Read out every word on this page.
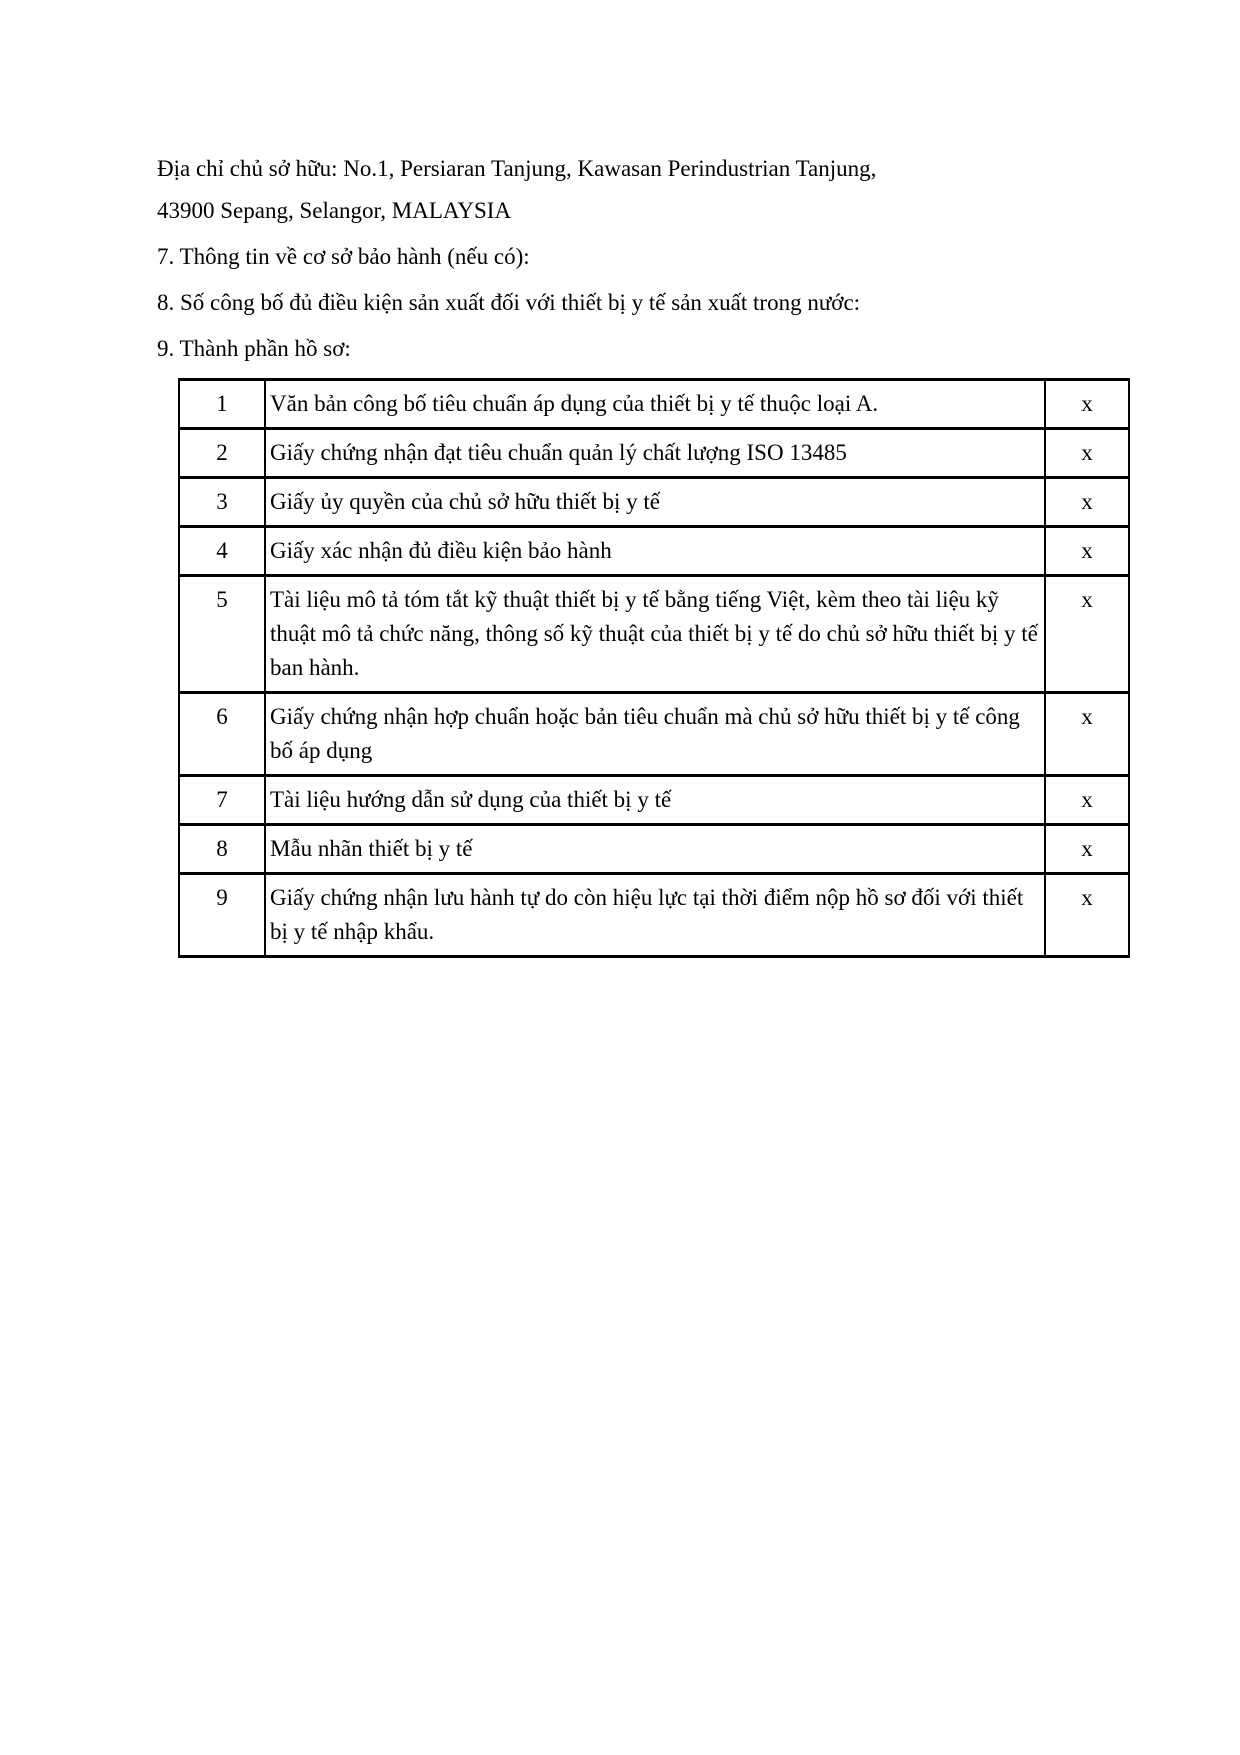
Địa chỉ chủ sở hữu: No.1, Persiaran Tanjung, Kawasan Perindustrian Tanjung,
43900 Sepang, Selangor, MALAYSIA
7. Thông tin về cơ sở bảo hành (nếu có):
8. Số công bố đủ điều kiện sản xuất đối với thiết bị y tế sản xuất trong nước:
9. Thành phần hồ sơ:
1	Văn bản công bố tiêu chuẩn áp dụng của thiết bị y tế thuộc loại A.	x
2	Giấy chứng nhận đạt tiêu chuẩn quản lý chất lượng ISO 13485	x
3	Giấy ủy quyền của chủ sở hữu thiết bị y tế	x
4	Giấy xác nhận đủ điều kiện bảo hành	x
5	Tài liệu mô tả tóm tắt kỹ thuật thiết bị y tế bằng tiếng Việt, kèm theo tài liệu kỹ thuật mô tả chức năng, thông số kỹ thuật của thiết bị y tế do chủ sở hữu thiết bị y tế ban hành.	x
6	Giấy chứng nhận hợp chuẩn hoặc bản tiêu chuẩn mà chủ sở hữu thiết bị y tế công bố áp dụng	x
7	Tài liệu hướng dẫn sử dụng của thiết bị y tế	x
8	Mẫu nhãn thiết bị y tế	x
9	Giấy chứng nhận lưu hành tự do còn hiệu lực tại thời điểm nộp hồ sơ đối với thiết bị y tế nhập khẩu.	x
